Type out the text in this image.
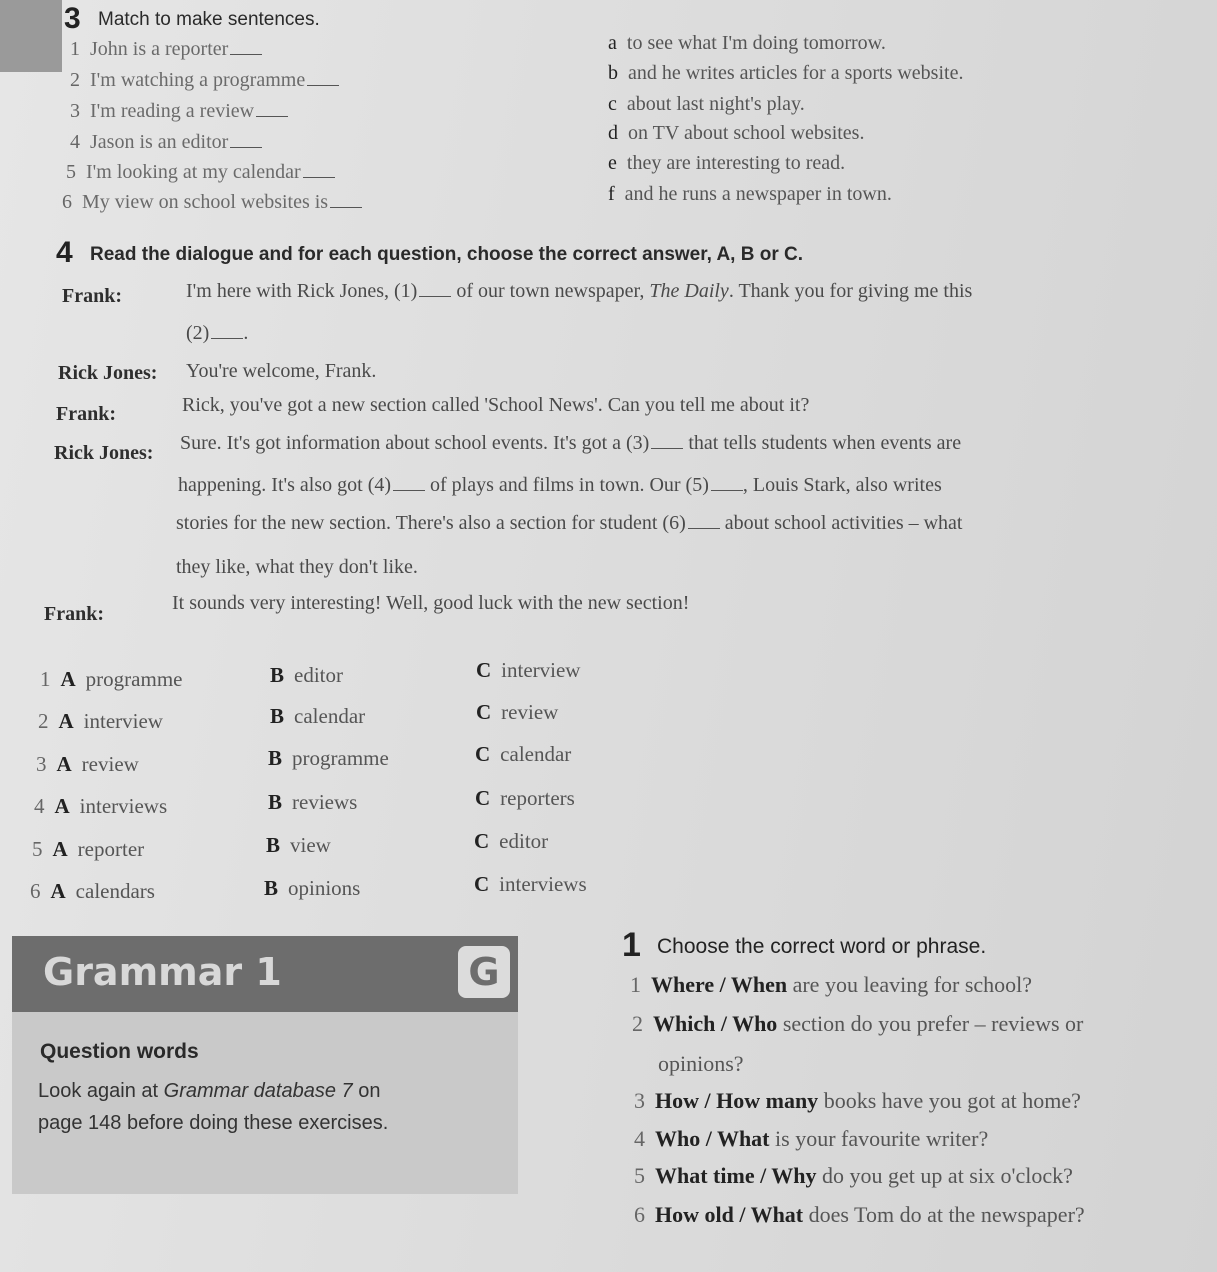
3 Match to make sentences.
1 John is a reporter
2 I'm watching a programme
3 I'm reading a review
4 Jason is an editor
5 I'm looking at my calendar
6 My view on school websites is
a to see what I'm doing tomorrow.
b and he writes articles for a sports website.
c about last night's play.
d on TV about school websites.
e they are interesting to read.
f and he runs a newspaper in town.
4 Read the dialogue and for each question, choose the correct answer, A, B or C.
Frank:	I'm here with Rick Jones, (1) of our town newspaper, The Daily. Thank you for giving me this
(2) .
Rick Jones: You're welcome, Frank.
Frank:	Rick, you've got a new section called 'School News'. Can you tell me about it?
Rick Jones: Sure. It's got information about school events. It's got a (3) that tells students when events are
happening. It's also got (4) of plays and films in town. Our (5) , Louis Stark, also writes
stories for the new section. There's also a section for student (6) about school activities – what
they like, what they don't like.
Frank:	It sounds very interesting! Well, good luck with the new section!
1 A programme	B editor	C interview
2 A interview	B calendar	C review
3 A review	B programme	C calendar
4 A interviews	B reviews	C reporters
5 A reporter	B view	C editor
6 A calendars	B opinions	C interviews
Grammar 1	G
Question words
Look again at Grammar database 7 on
page 148 before doing these exercises.
1 Choose the correct word or phrase.
1 Where / When are you leaving for school?
2 Which / Who section do you prefer – reviews or
opinions?
3 How / How many books have you got at home?
4 Who / What is your favourite writer?
5 What time / Why do you get up at six o'clock?
6 How old / What does Tom do at the newspaper?
